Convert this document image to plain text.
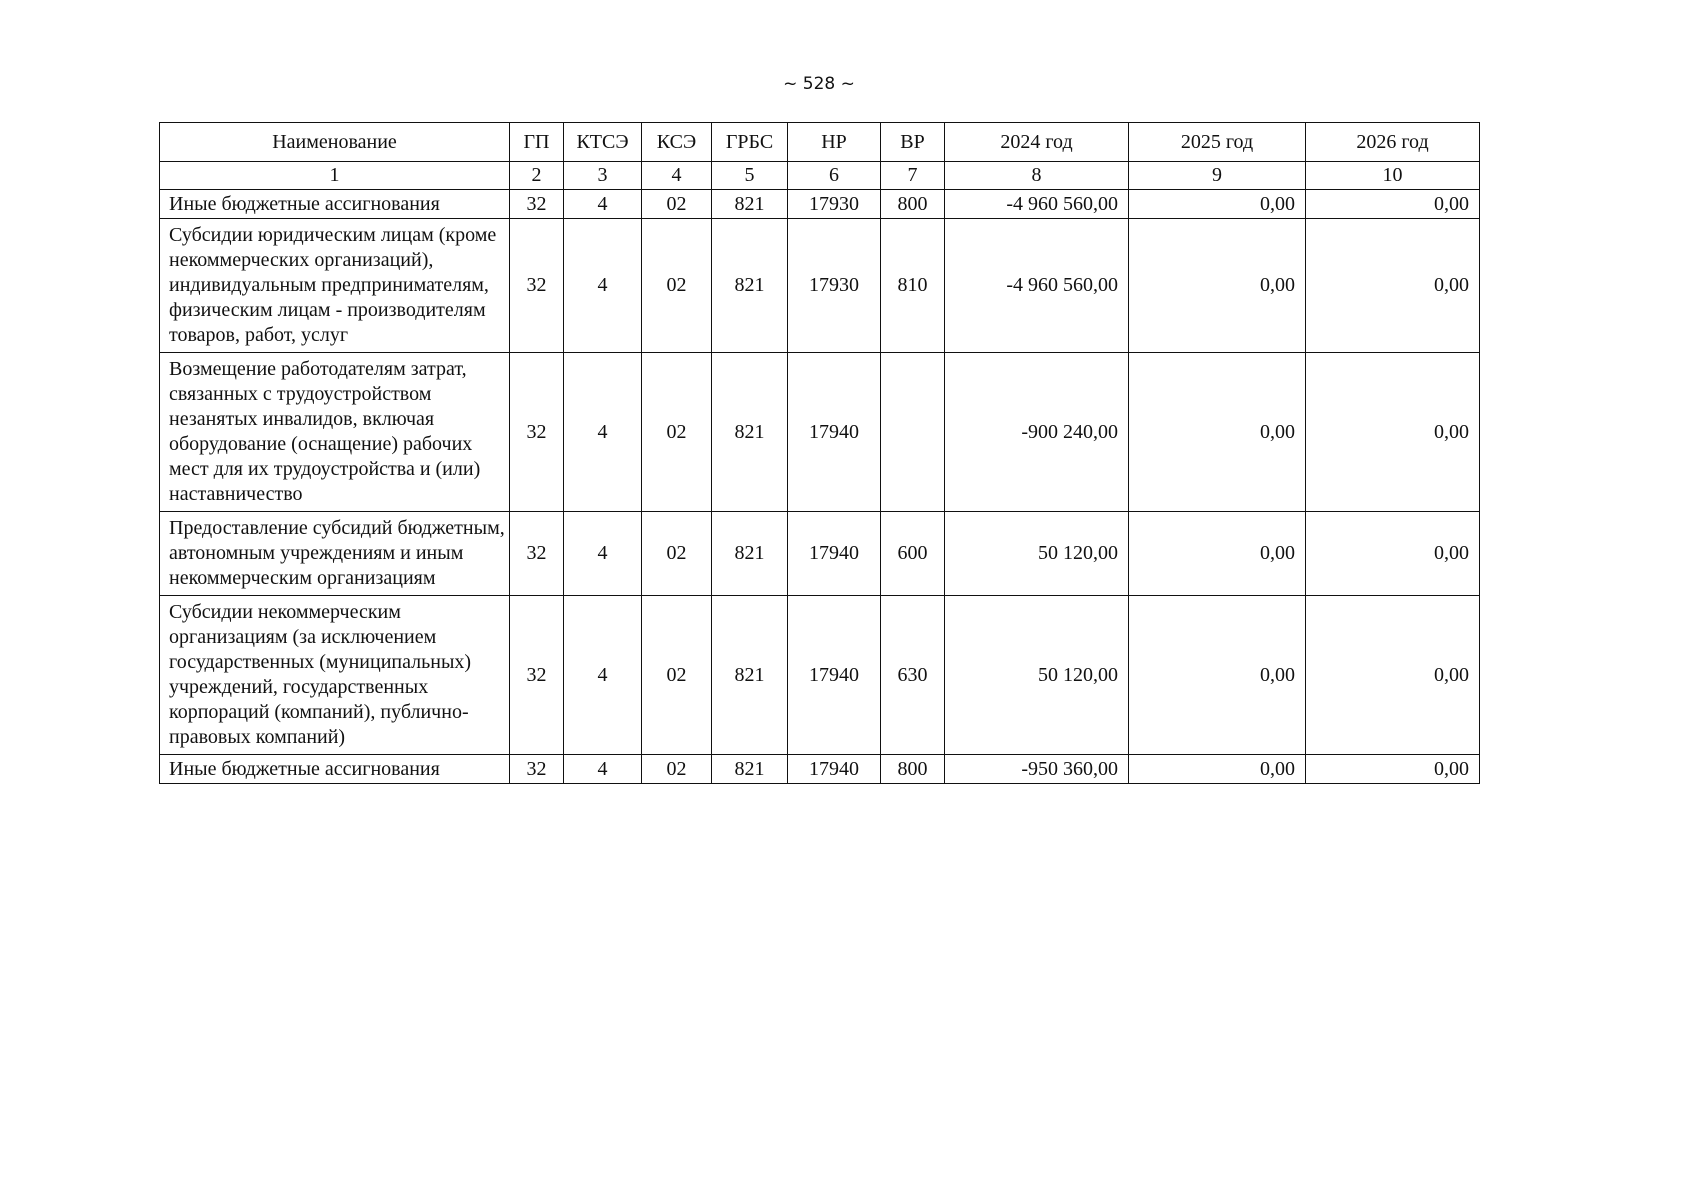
~ 528 ~
Наименование	ГП	КТСЭ	КСЭ	ГРБС	НР	ВР	2024 год	2025 год	2026 год
1	2	3	4	5	6	7	8	9	10
Иные бюджетные ассигнования	32	4	02	821	17930	800	-4 960 560,00	0,00	0,00
Субсидии юридическим лицам (кроме некоммерческих организаций), индивидуальным предпринимателям, физическим лицам - производителям товаров, работ, услуг	32	4	02	821	17930	810	-4 960 560,00	0,00	0,00
Возмещение работодателям затрат, связанных с трудоустройством незанятых инвалидов, включая оборудование (оснащение) рабочих мест для их трудоустройства и (или) наставничество	32	4	02	821	17940		-900 240,00	0,00	0,00
Предоставление субсидий бюджетным, автономным учреждениям и иным некоммерческим организациям	32	4	02	821	17940	600	50 120,00	0,00	0,00
Субсидии некоммерческим организациям (за исключением государственных (муниципальных) учреждений, государственных корпораций (компаний), публично-правовых компаний)	32	4	02	821	17940	630	50 120,00	0,00	0,00
Иные бюджетные ассигнования	32	4	02	821	17940	800	-950 360,00	0,00	0,00
